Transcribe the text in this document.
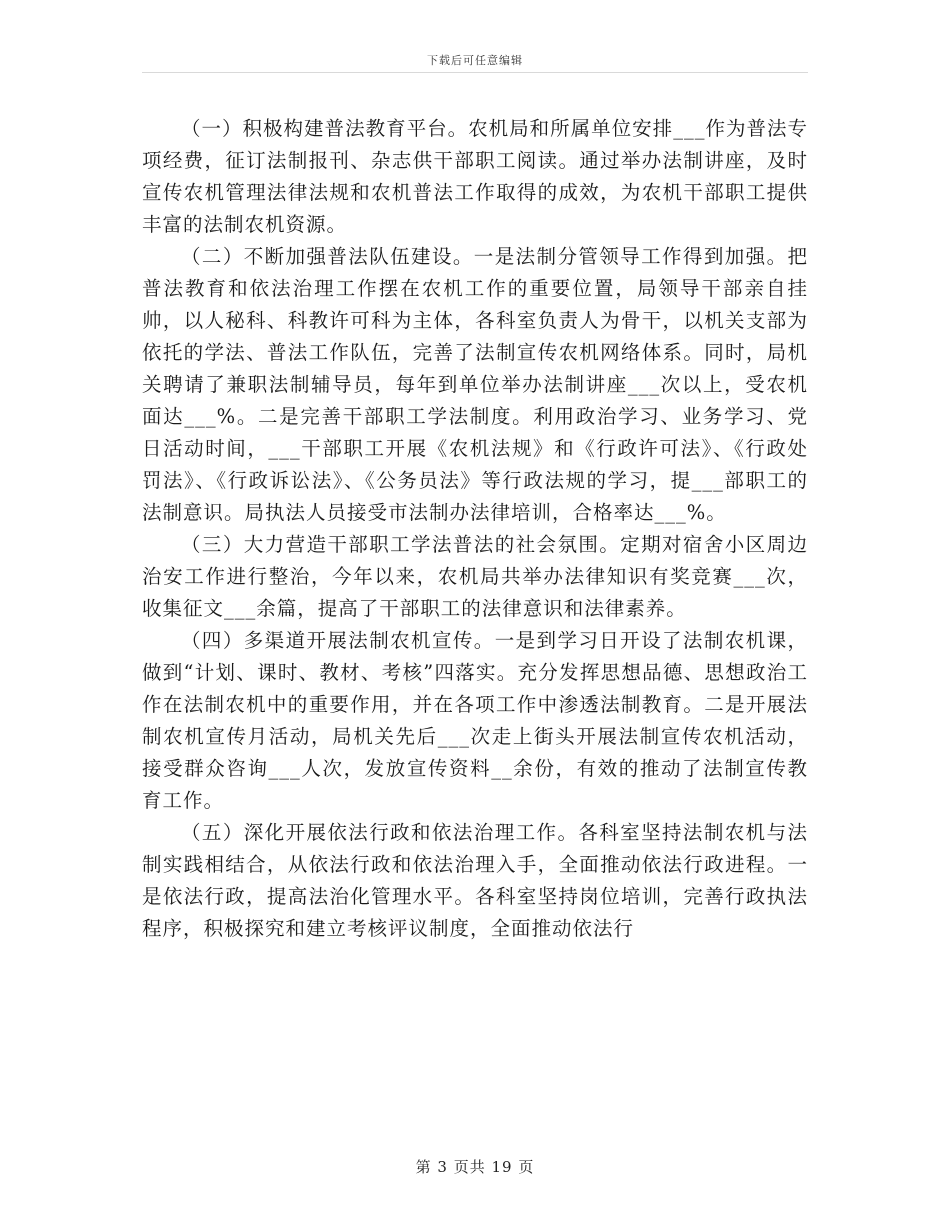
下载后可任意编辑

（一）积极构建普法教育平台。农机局和所属单位安排___作为普法专项经费，征订法制报刊、杂志供干部职工阅读。通过举办法制讲座，及时宣传农机管理法律法规和农机普法工作取得的成效，为农机干部职工提供丰富的法制农机资源。

（二）不断加强普法队伍建设。一是法制分管领导工作得到加强。把普法教育和依法治理工作摆在农机工作的重要位置，局领导干部亲自挂帅，以人秘科、科教许可科为主体，各科室负责人为骨干，以机关支部为依托的学法、普法工作队伍，完善了法制宣传农机网络体系。同时，局机关聘请了兼职法制辅导员，每年到单位举办法制讲座___次以上，受农机面达___%。二是完善干部职工学法制度。利用政治学习、业务学习、党日活动时间，___干部职工开展《农机法规》和《行政许可法》、《行政处罚法》、《行政诉讼法》、《公务员法》等行政法规的学习，提___部职工的法制意识。局执法人员接受市法制办法律培训，合格率达___%。

（三）大力营造干部职工学法普法的社会氛围。定期对宿舍小区周边治安工作进行整治，今年以来，农机局共举办法律知识有奖竞赛___次，收集征文___余篇，提高了干部职工的法律意识和法律素养。

（四）多渠道开展法制农机宣传。一是到学习日开设了法制农机课，做到“计划、课时、教材、考核”四落实。充分发挥思想品德、思想政治工作在法制农机中的重要作用，并在各项工作中渗透法制教育。二是开展法制农机宣传月活动，局机关先后___次走上街头开展法制宣传农机活动，接受群众咨询___人次，发放宣传资料__余份，有效的推动了法制宣传教育工作。

（五）深化开展依法行政和依法治理工作。各科室坚持法制农机与法制实践相结合，从依法行政和依法治理入手，全面推动依法行政进程。一是依法行政，提高法治化管理水平。各科室坚持岗位培训，完善行政执法程序，积极探究和建立考核评议制度，全面推动依法行

第 3 页共 19 页
